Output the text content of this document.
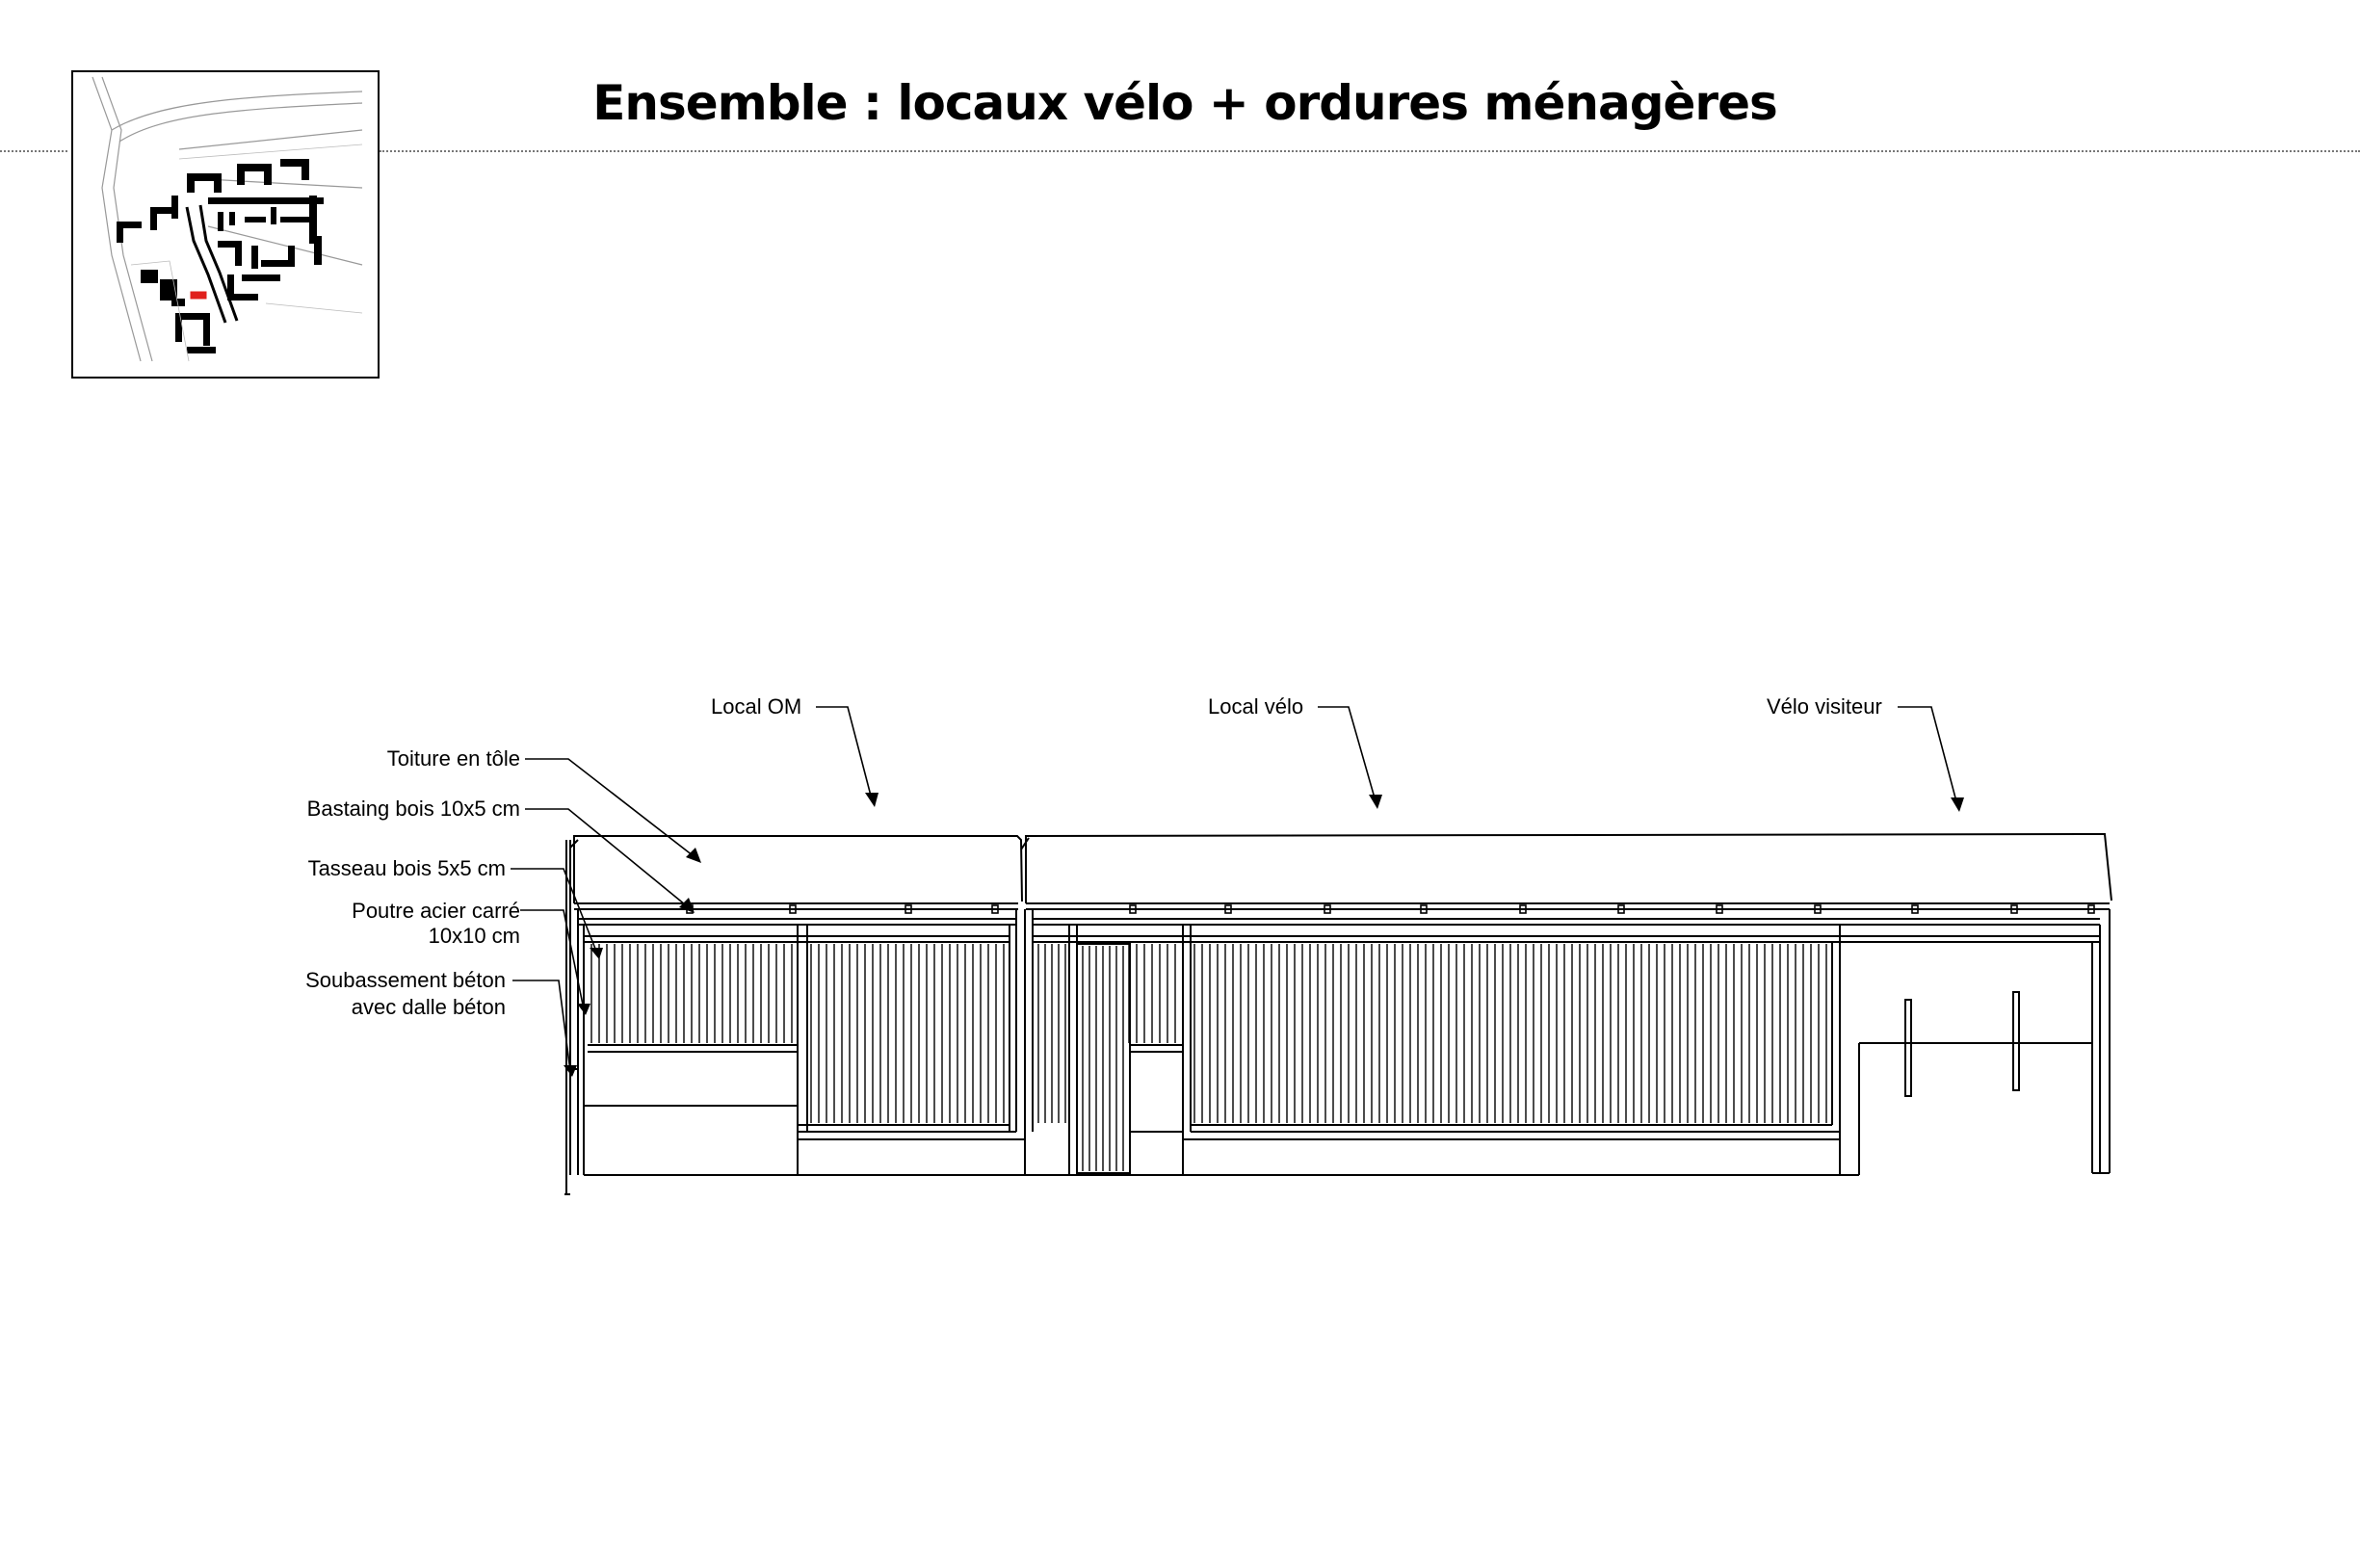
Ensemble : locaux vélo + ordures ménagères
Local OM	Local vélo	Vélo visiteur
Toiture en tôle
Bastaing bois 10x5 cm
Tasseau bois 5x5 cm
Poutre acier carré
10x10 cm
Soubassement béton
avec dalle béton
